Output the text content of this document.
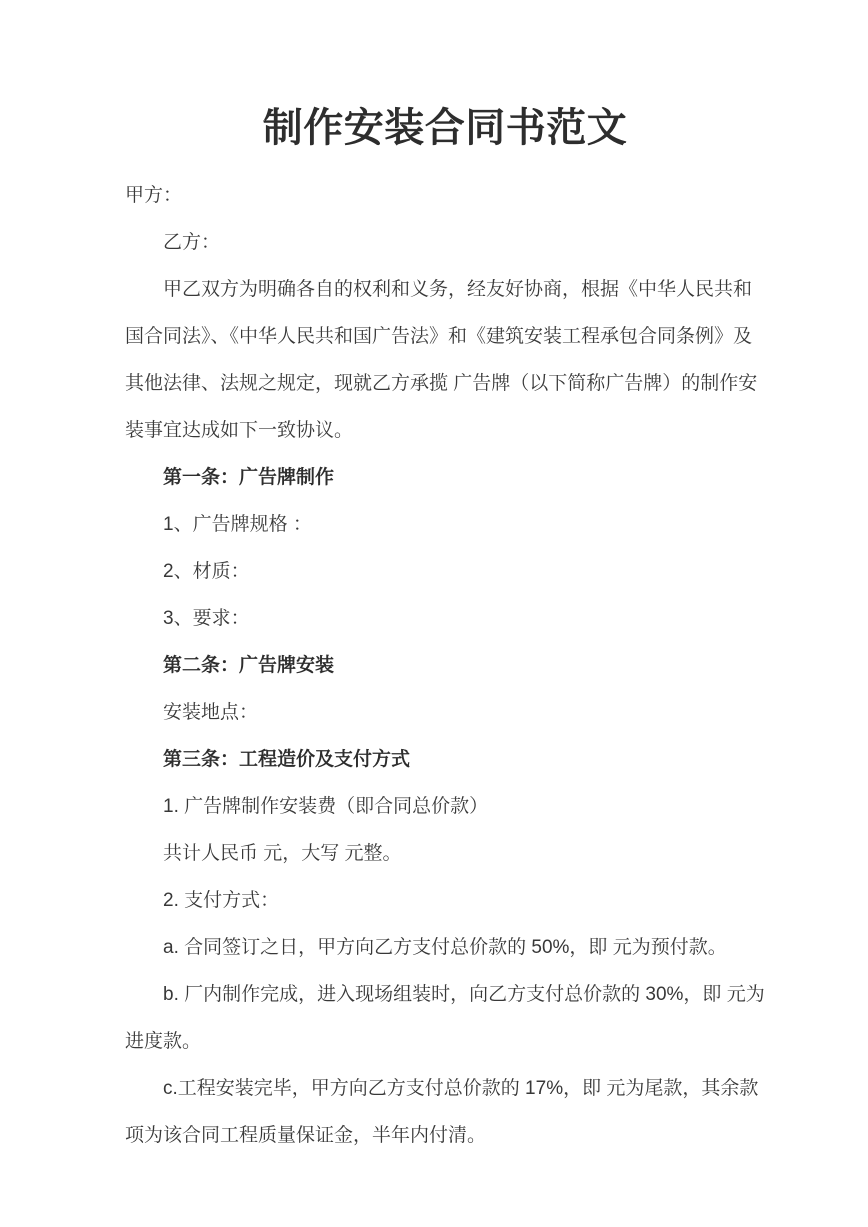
制作安装合同书范文

甲方：

乙方：

甲乙双方为明确各自的权利和义务，经友好协商，根据《中华人民共和国合同法》、《中华人民共和国广告法》和《建筑安装工程承包合同条例》及其他法律、法规之规定，现就乙方承揽 广告牌（以下简称广告牌）的制作安装事宜达成如下一致协议。

第一条：广告牌制作

1、广告牌规格 ：

2、材质：

3、要求：

第二条：广告牌安装

安装地点：

第三条：工程造价及支付方式

1. 广告牌制作安装费（即合同总价款）

共计人民币 元，大写 元整。

2. 支付方式：

a. 合同签订之日，甲方向乙方支付总价款的 50%，即 元为预付款。

b. 厂内制作完成，进入现场组装时，向乙方支付总价款的 30%，即 元为进度款。

c.工程安装完毕，甲方向乙方支付总价款的 17%，即 元为尾款，其余款项为该合同工程质量保证金，半年内付清。
